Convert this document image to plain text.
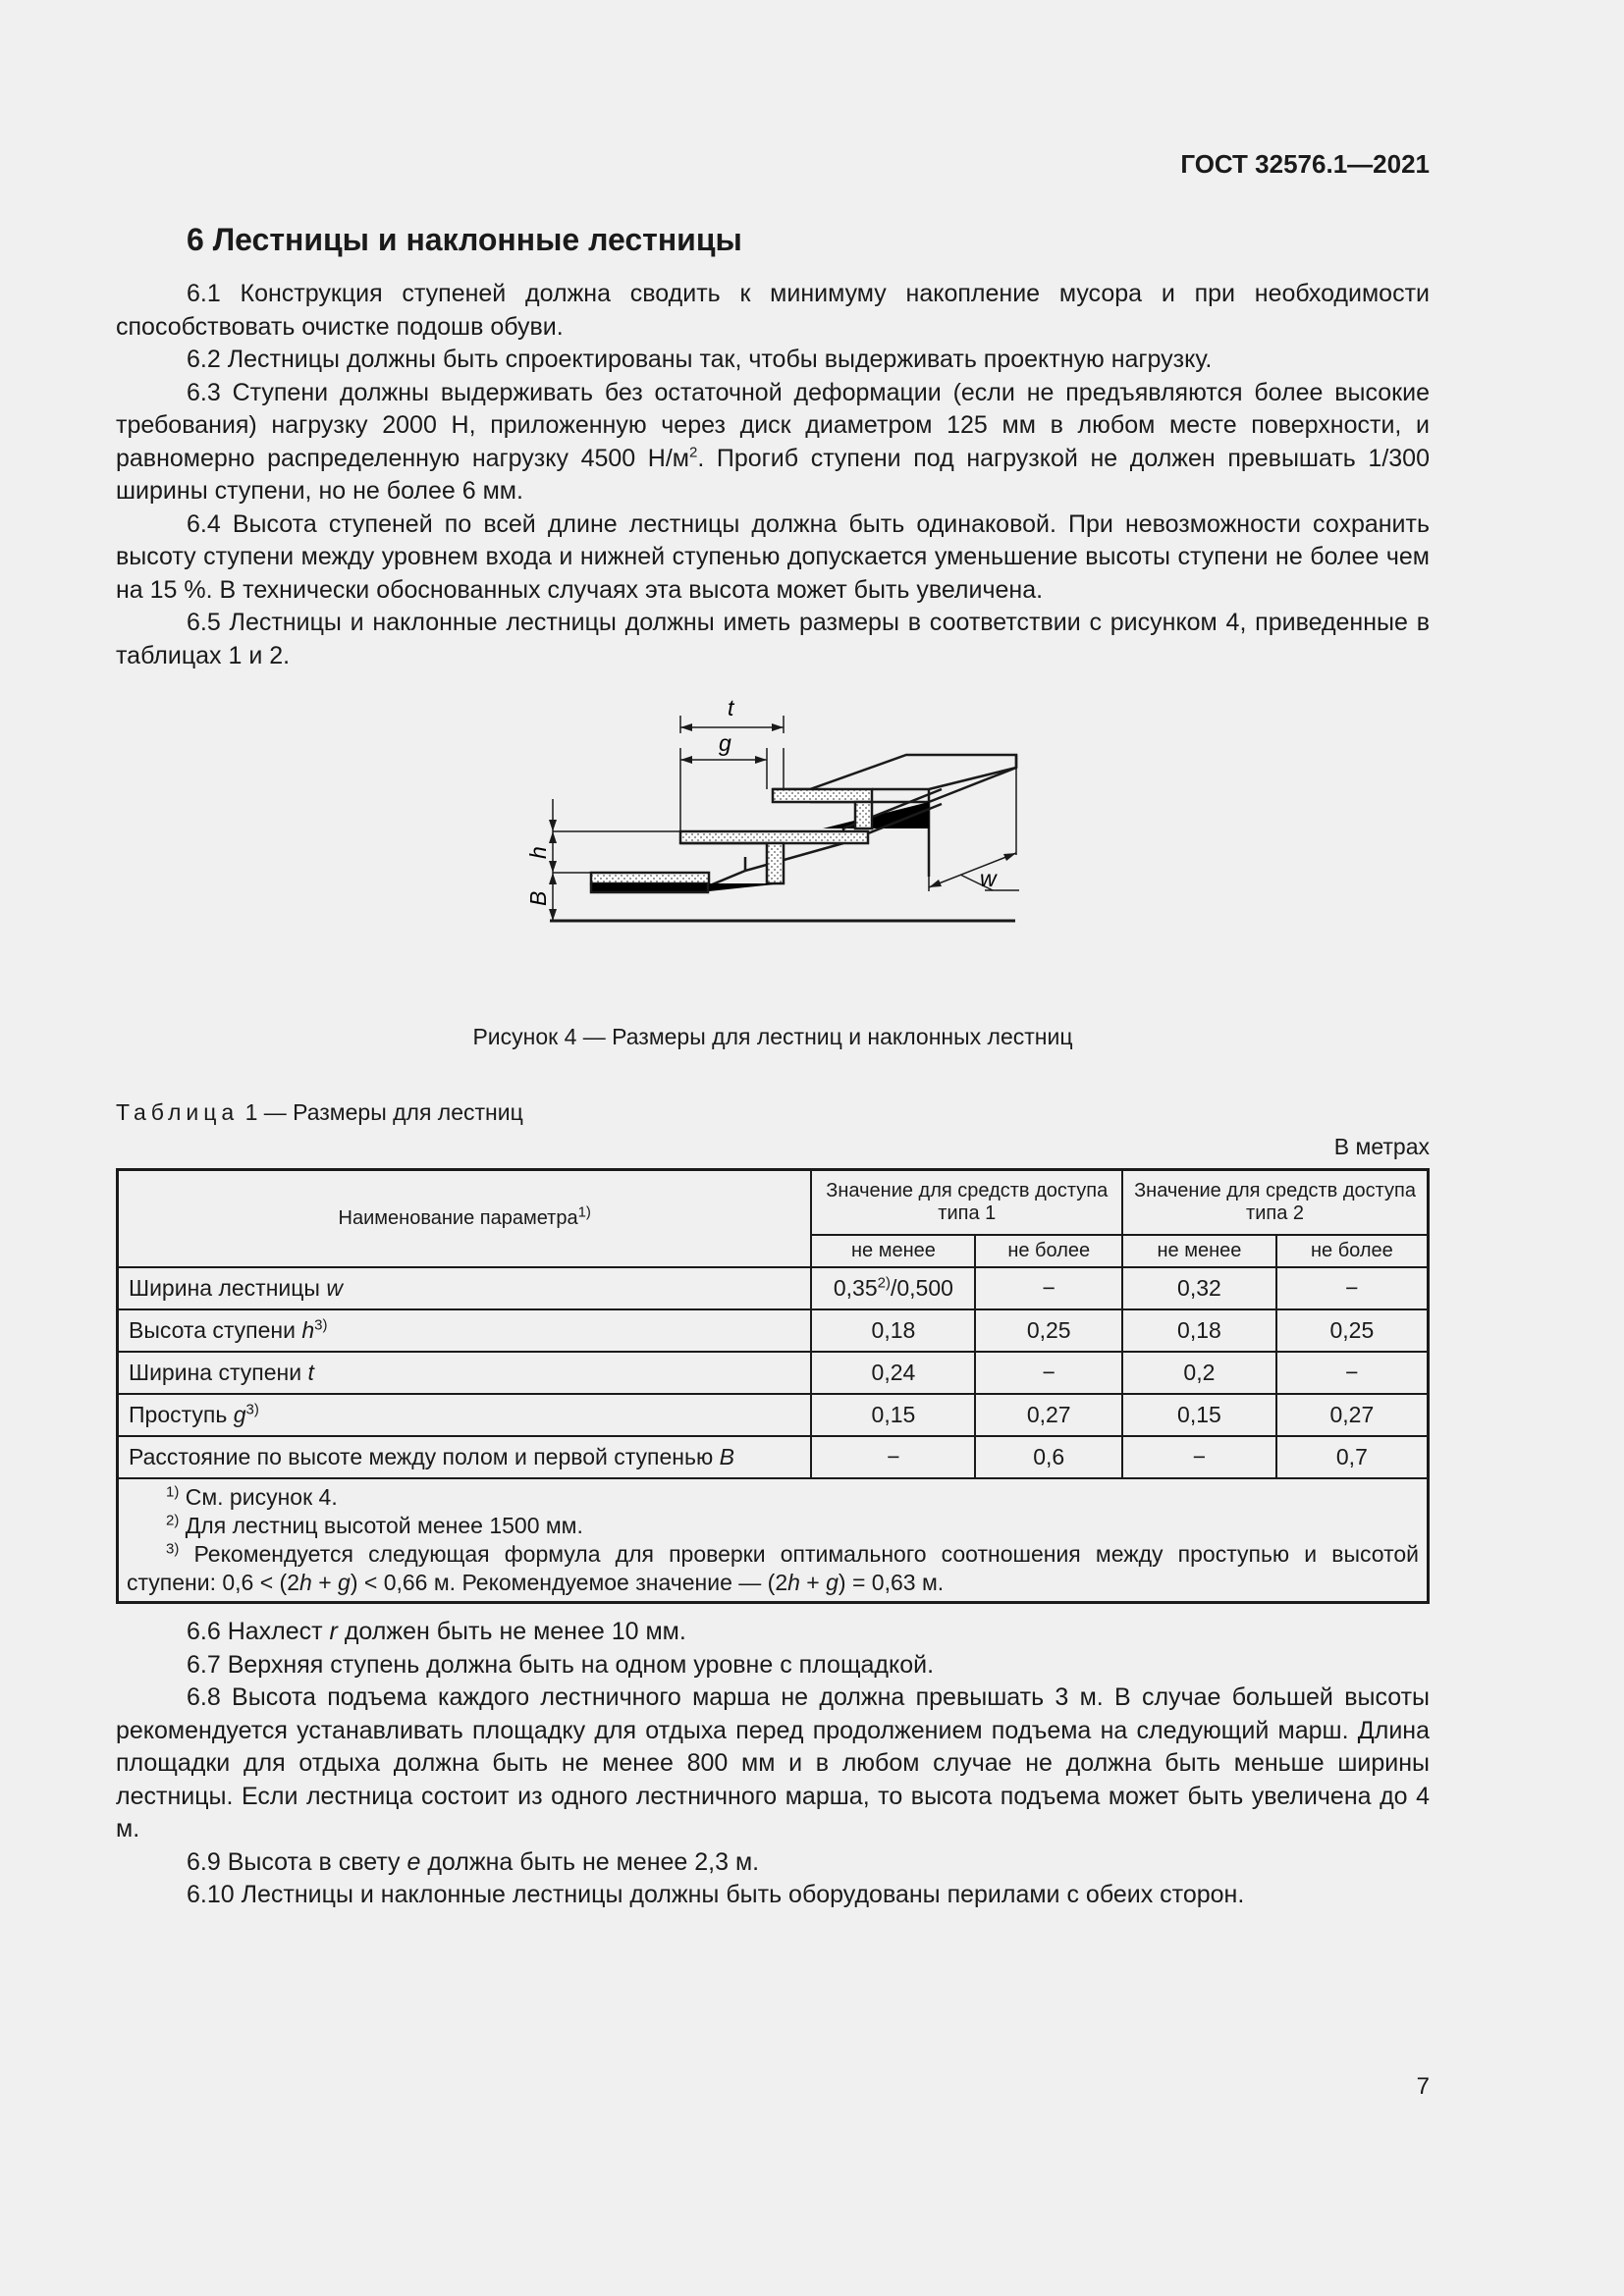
ГОСТ 32576.1—2021
6 Лестницы и наклонные лестницы

6.1 Конструкция ступеней должна сводить к минимуму накопление мусора и при необходимости способствовать очистке подошв обуви.

6.2 Лестницы должны быть спроектированы так, чтобы выдерживать проектную нагрузку.

6.3 Ступени должны выдерживать без остаточной деформации (если не предъявляются более высокие требования) нагрузку 2000 Н, приложенную через диск диаметром 125 мм в любом месте поверхности, и равномерно распределенную нагрузку 4500 $Н/м^2$. Прогиб ступени под нагрузкой не должен превышать 1/300 ширины ступени, но не более 6 мм.

6.4 Высота ступеней по всей длине лестницы должна быть одинаковой. При невозможности сохранить высоту ступени между уровнем входа и нижней ступенью допускается уменьшение высоты ступени не более чем на 15 %. В технически обоснованных случаях эта высота может быть увеличена.

6.5 Лестницы и наклонные лестницы должны иметь размеры в соответствии с рисунком 4, приведенные в таблицах 1 и 2.

t
g
h
B
w
Рисунок 4 — Размеры для лестниц и наклонных лестниц

Таблица 1 — Размеры для лестниц

В метрах
Наименование параметра$^{1)}$	Значение для средств доступа типа 1		Значение для средств доступа типа 2	
	не менее	не более	не менее	не более
Ширина лестницы w	$0,35^{2)}/0,500$	−	0,32	−
Высота ступени $h^{3)}$	0,18	0,25	0,18	0,25
Ширина ступени t	0,24	−	0,2	−
Проступь $g^{3)}$	0,15	0,27	0,15	0,27
Расстояние по высоте между полом и первой ступенью B	−	0,6	−	0,7

$^{1)}$ См. рисунок 4.
$^{2)}$ Для лестниц высотой менее 1500 мм.
$^{3)}$ Рекомендуется следующая формула для проверки оптимального соотношения между проступью и высотой ступени: 0,6 < (2h + g) < 0,66 м. Рекомендуемое значение — (2h + g) = 0,63 м.				

6.6 Нахлест r должен быть не менее 10 мм.

6.7 Верхняя ступень должна быть на одном уровне с площадкой.

6.8 Высота подъема каждого лестничного марша не должна превышать 3 м. В случае большей высоты рекомендуется устанавливать площадку для отдыха перед продолжением подъема на следующий марш. Длина площадки для отдыха должна быть не менее 800 мм и в любом случае не должна быть меньше ширины лестницы. Если лестница состоит из одного лестничного марша, то высота подъема может быть увеличена до 4 м.

6.9 Высота в свету e должна быть не менее 2,3 м.

6.10 Лестницы и наклонные лестницы должны быть оборудованы перилами с обеих сторон.

7
